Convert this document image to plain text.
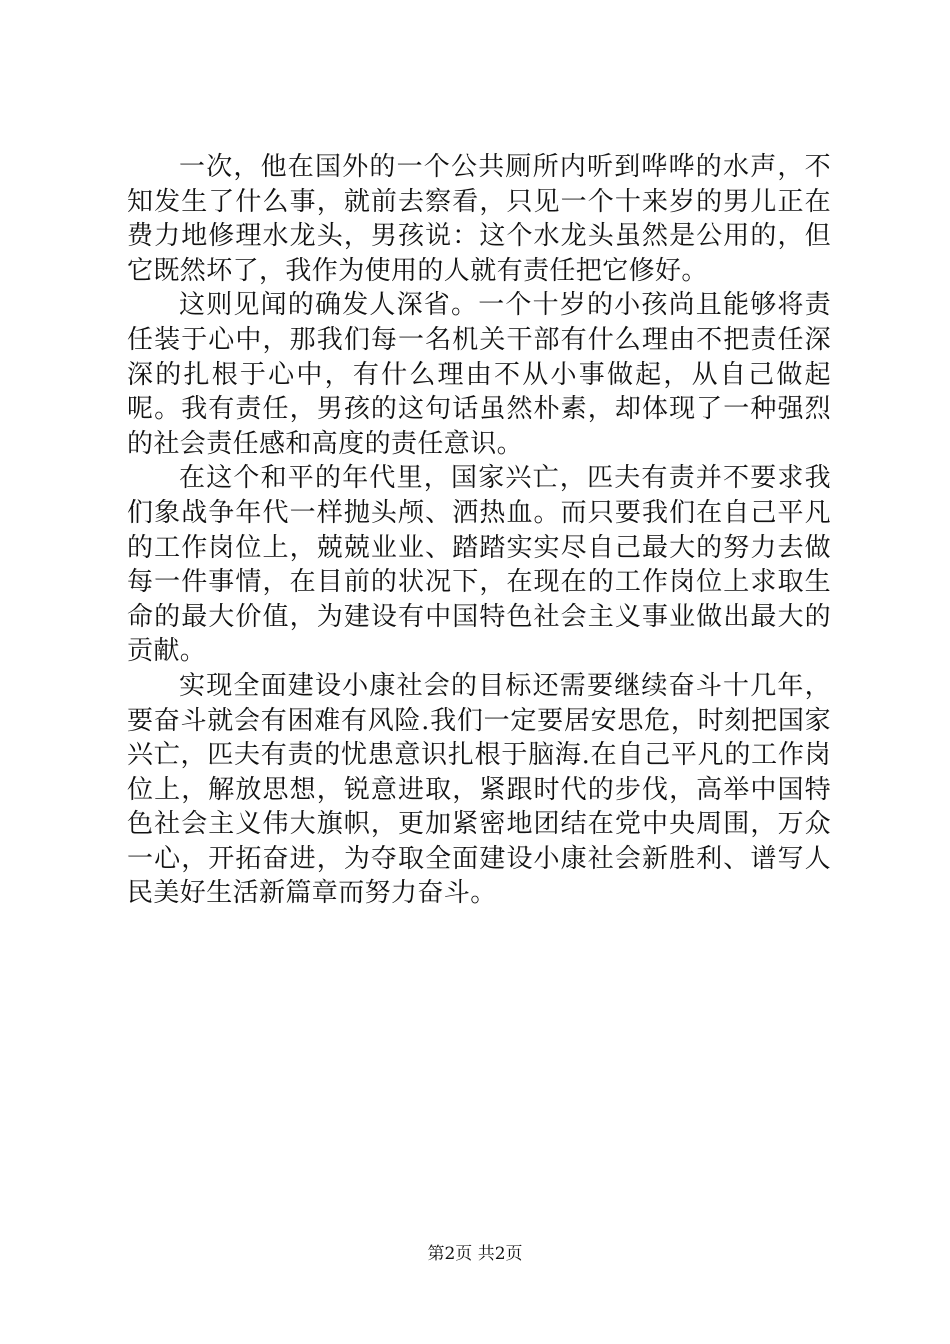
一次，他在国外的一个公共厕所内听到哗哗的水声，不知发生了什么事，就前去察看，只见一个十来岁的男儿正在费力地修理水龙头，男孩说：这个水龙头虽然是公用的，但它既然坏了，我作为使用的人就有责任把它修好。

这则见闻的确发人深省。一个十岁的小孩尚且能够将责任装于心中，那我们每一名机关干部有什么理由不把责任深深的扎根于心中，有什么理由不从小事做起，从自己做起呢。我有责任，男孩的这句话虽然朴素，却体现了一种强烈的社会责任感和高度的责任意识。

在这个和平的年代里，国家兴亡，匹夫有责并不要求我们象战争年代一样抛头颅、洒热血。而只要我们在自己平凡的工作岗位上，兢兢业业、踏踏实实尽自己最大的努力去做每一件事情，在目前的状况下，在现在的工作岗位上求取生命的最大价值，为建设有中国特色社会主义事业做出最大的贡献。

实现全面建设小康社会的目标还需要继续奋斗十几年，要奋斗就会有困难有风险.我们一定要居安思危，时刻把国家兴亡，匹夫有责的忧患意识扎根于脑海.在自己平凡的工作岗位上，解放思想，锐意进取，紧跟时代的步伐，高举中国特色社会主义伟大旗帜，更加紧密地团结在党中央周围，万众一心，开拓奋进，为夺取全面建设小康社会新胜利、谱写人民美好生活新篇章而努力奋斗。

第2页 共2页
